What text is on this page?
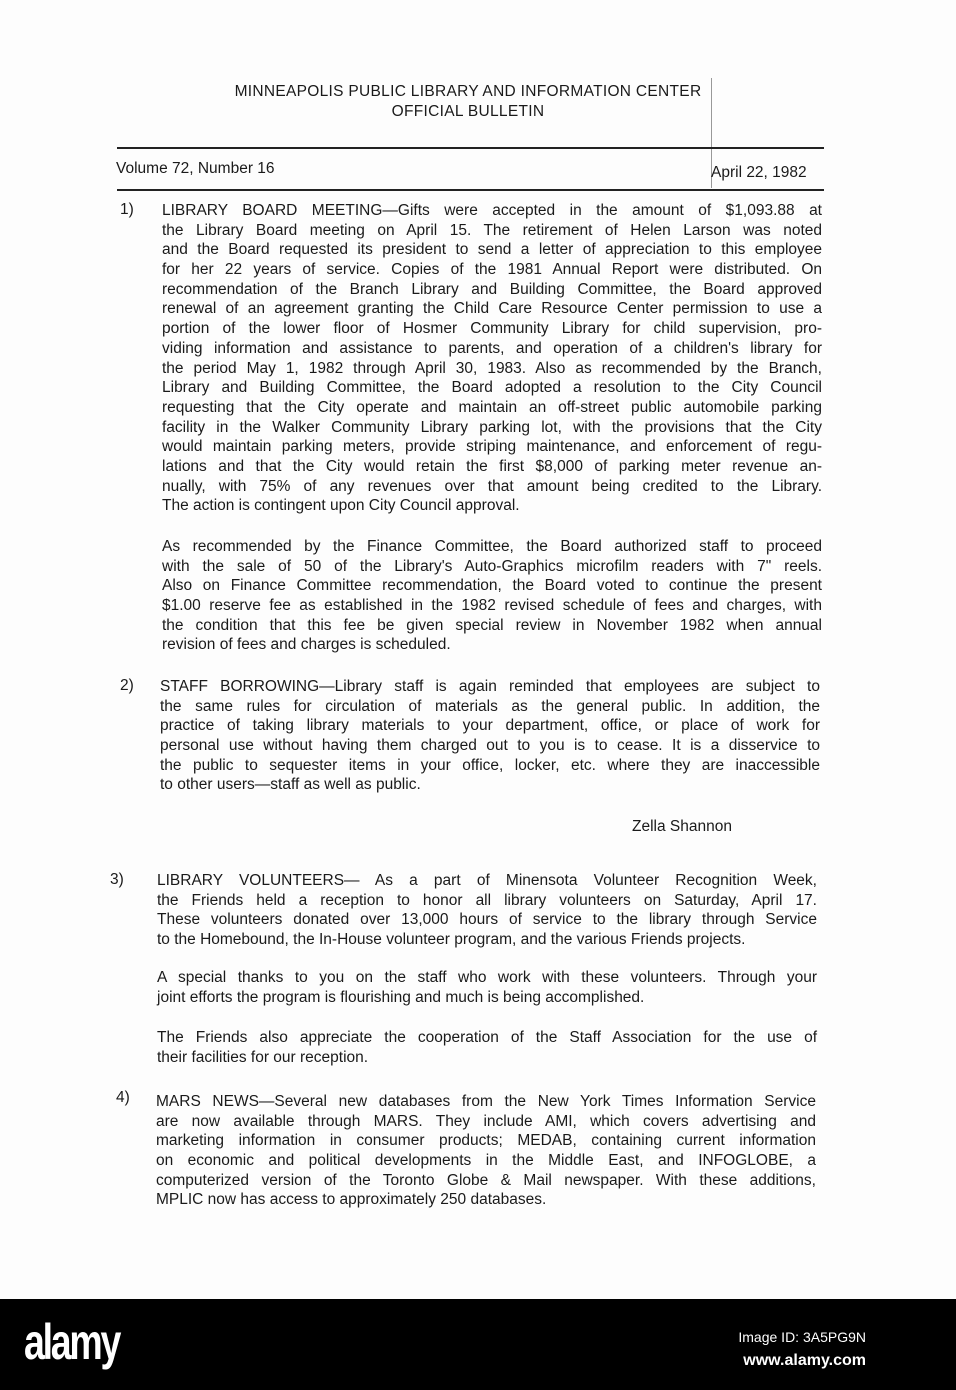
MINNEAPOLIS PUBLIC LIBRARY AND INFORMATION CENTER
OFFICIAL BULLETIN
Volume 72, Number 16	April 22, 1982
1) LIBRARY BOARD MEETING—Gifts were accepted in the amount of $1,093.88 at
the Library Board meeting on April 15. The retirement of Helen Larson was noted
and the Board requested its president to send a letter of appreciation to this employee
for her 22 years of service. Copies of the 1981 Annual Report were distributed. On
recommendation of the Branch Library and Building Committee, the Board approved
renewal of an agreement granting the Child Care Resource Center permission to use a
portion of the lower floor of Hosmer Community Library for child supervision, pro-
viding information and assistance to parents, and operation of a children's library for
the period May 1, 1982 through April 30, 1983. Also as recommended by the Branch,
Library and Building Committee, the Board adopted a resolution to the City Council
requesting that the City operate and maintain an off-street public automobile parking
facility in the Walker Community Library parking lot, with the provisions that the City
would maintain parking meters, provide striping maintenance, and enforcement of regu-
lations and that the City would retain the first $8,000 of parking meter revenue an-
nually, with 75% of any revenues over that amount being credited to the Library.
The action is contingent upon City Council approval.
As recommended by the Finance Committee, the Board authorized staff to proceed
with the sale of 50 of the Library's Auto-Graphics microfilm readers with 7" reels.
Also on Finance Committee recommendation, the Board voted to continue the present
$1.00 reserve fee as established in the 1982 revised schedule of fees and charges, with
the condition that this fee be given special review in November 1982 when annual
revision of fees and charges is scheduled.
2) STAFF BORROWING—Library staff is again reminded that employees are subject to
the same rules for circulation of materials as the general public. In addition, the
practice of taking library materials to your department, office, or place of work for
personal use without having them charged out to you is to cease. It is a disservice to
the public to sequester items in your office, locker, etc. where they are inaccessible
to other users—staff as well as public.
3) LIBRARY VOLUNTEERS— As a part of Minensota Volunteer Recognition Week,
the Friends held a reception to honor all library volunteers on Saturday, April 17.
These volunteers donated over 13,000 hours of service to the library through Service
to the Homebound, the In-House volunteer program, and the various Friends projects.
A special thanks to you on the staff who work with these volunteers. Through your
joint efforts the program is flourishing and much is being accomplished.
The Friends also appreciate the cooperation of the Staff Association for the use of
their facilities for our reception.
4) MARS NEWS—Several new databases from the New York Times Information Service
are now available through MARS. They include AMI, which covers advertising and
marketing information in consumer products; MEDAB, containing current information
on economic and political developments in the Middle East, and INFOGLOBE, a
computerized version of the Toronto Globe & Mail newspaper. With these additions,
MPLIC now has access to approximately 250 databases.
Zella Shannon
alamy	Image ID: 3A5PG9N
www.alamy.com
